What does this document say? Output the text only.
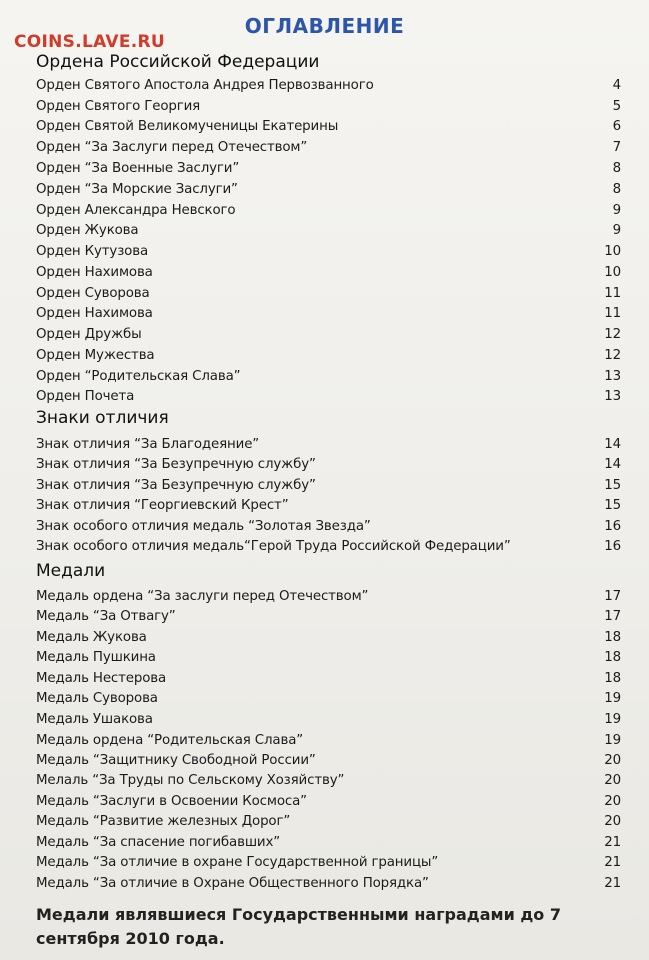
COINS.LAVE.RU
ОГЛАВЛЕНИЕ
Ордена Российской Федерации
Орден Святого Апостола Андрея Первозванного	4
Орден Святого Георгия	5
Орден Святой Великомученицы Екатерины	6
Орден “За Заслуги перед Отечеством”	7
Орден “За Военные Заслуги”	8
Орден “За Морские Заслуги”	8
Орден Александра Невского	9
Орден Жукова	9
Орден Кутузова	10
Орден Нахимова	10
Орден Суворова	11
Орден Нахимова	11
Орден Дружбы	12
Орден Мужества	12
Орден “Родительская Слава”	13
Орден Почета	13
Знаки отличия
Знак отличия “За Благодеяние”	14
Знак отличия “За Безупречную службу”	14
Знак отличия “За Безупречную службу”	15
Знак отличия “Георгиевский Крест”	15
Знак особого отличия медаль “Золотая Звезда”	16
Знак особого отличия медаль“Герой Труда Российской Федерации”	16
Медали
Медаль ордена “За заслуги перед Отечеством”	17
Медаль “За Отвагу”	17
Медаль Жукова	18
Медаль Пушкина	18
Медаль Нестерова	18
Медаль Суворова	19
Медаль Ушакова	19
Медаль ордена “Родительская Слава”	19
Медаль “Защитнику Свободной России”	20
Мелаль “За Труды по Сельскому Хозяйству”	20
Медаль “Заслуги в Освоении Космоса”	20
Медаль “Развитие железных Дорог”	20
Медаль “За спасение погибавших”	21
Медаль “За отличие в охране Государственной границы”	21
Медаль “За отличие в Охране Общественного Порядка”	21
Медали являвшиеся Государственными наградами до 7 сентября 2010 года.
